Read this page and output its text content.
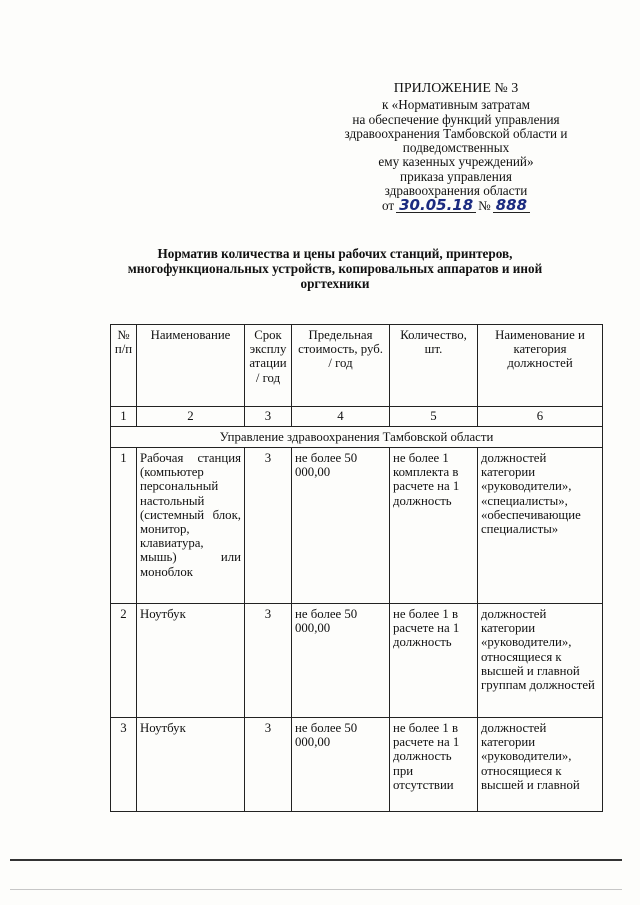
ПРИЛОЖЕНИЕ № 3
к «Нормативным затратам
на обеспечение функций управления
здравоохранения Тамбовской области и
подведомственных
ему казенных учреждений»
приказа управления
здравоохранения области
от 30.05.18 № 888
Норматив количества и цены рабочих станций, принтеров, многофункциональных устройств, копировальных аппаратов и иной оргтехники
№ п/п	Наименование	Срок эксплуатации/ год	Предельная стоимость, руб. / год	Количество, шт.	Наименование и категория должностей
1	2	3	4	5	6
Управление здравоохранения Тамбовской области					
1	Рабочая станция (компьютер персональный настольный (системный блок, монитор, клавиатура, мышь) или моноблок	3	не более 50 000,00	не более 1 комплекта в расчете на 1 должность	должностей категории «руководители», «специалисты», «обеспечивающие специалисты»
2	Ноутбук	3	не более 50 000,00	не более 1 в расчете на 1 должность	должностей категории «руководители», относящиеся к высшей и главной группам должностей
3	Ноутбук	3	не более 50 000,00	не более 1 в расчете на 1 должность при отсутствии	должностей категории «руководители», относящиеся к высшей и главной
